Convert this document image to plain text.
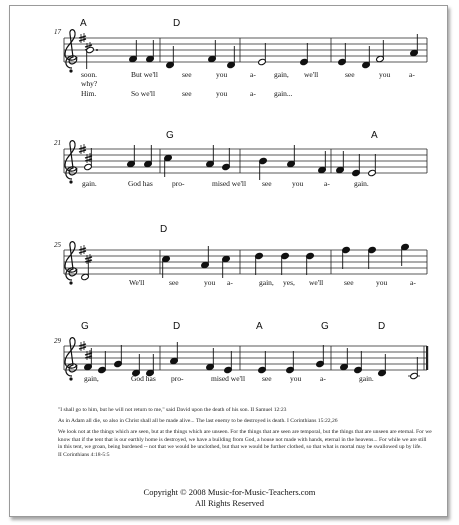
17
A	D
soon.	But we'll	see	you	a- gain, we'll	see	you	a-
why?
Him.	So we'll	see	you	a- gain...
21
G	A
gain.	God has	pro-	mised we'll see	you	a-	gain.
25
D
We'll	see	you a-	gain, yes, we'll	see	you	a-
29
G	D	A	G	D
gain,	God has pro-	mised we'll see you	a-	gain.

"I shall go to him, but he will not return to me," said David upon the death of his son. II Samuel 12:23

As in Adam all die, so also in Christ shall all be made alive... The last enemy to be destroyed is death. I Corinthians 15:22,26

We look not at the things which are seen, but at the things which are unseen. For the things that are seen are temporal, but the things that are unseen are eternal. For we know that if the tent that is our earthly home is destroyed, we have a building from God, a house not made with hands, eternal in the heavens... For while we are still in this tent, we groan, being burdened -- not that we would be unclothed, but that we would be further clothed, so that what is mortal may be swallowed up by life.
II Corinthians 4:18-5:5

Copyright © 2008 Music-for-Music-Teachers.com
All Rights Reserved
